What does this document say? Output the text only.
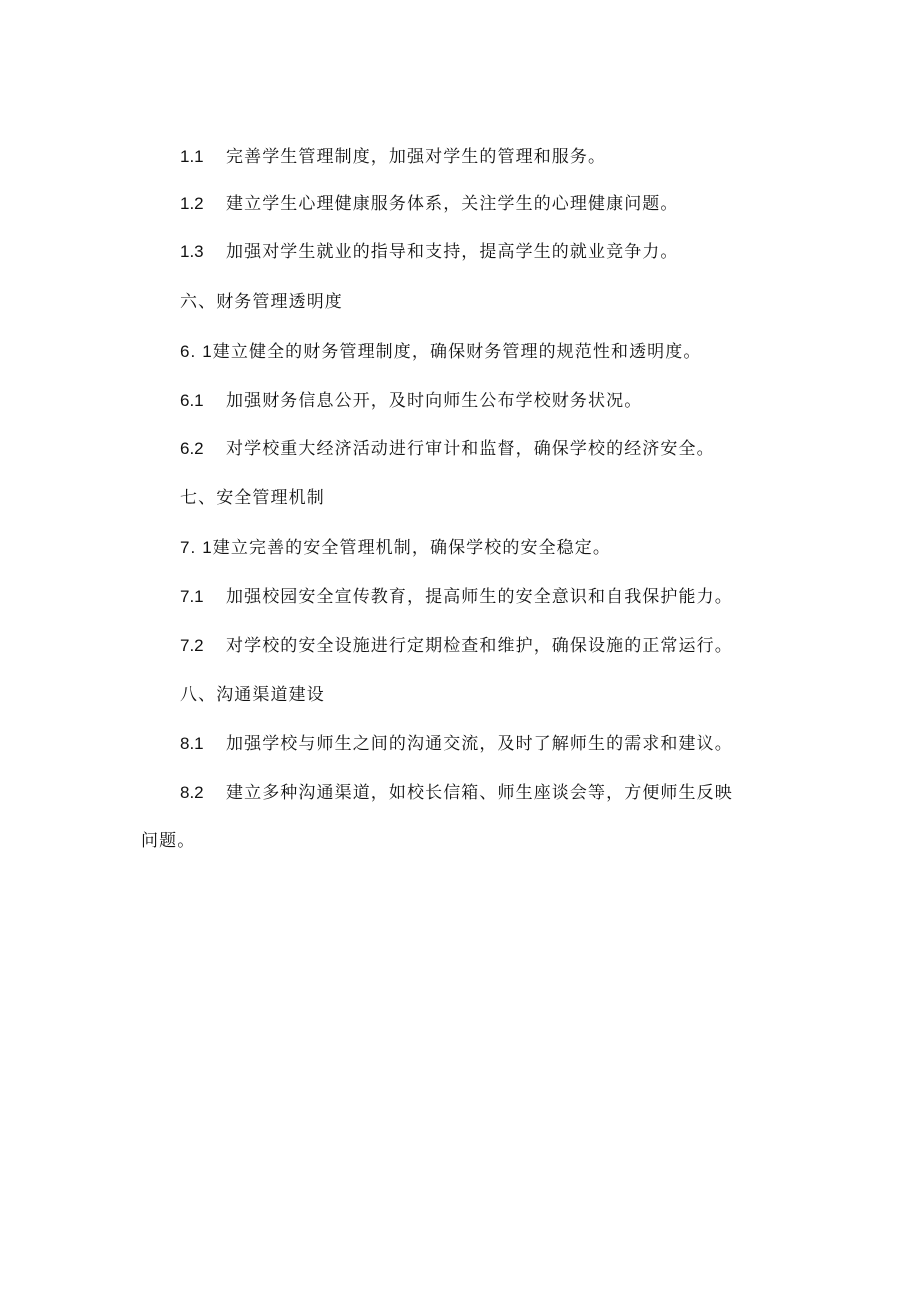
1.1 完善学生管理制度，加强对学生的管理和服务。
1.2 建立学生心理健康服务体系，关注学生的心理健康问题。
1.3 加强对学生就业的指导和支持，提高学生的就业竞争力。
六、财务管理透明度
6. 1建立健全的财务管理制度，确保财务管理的规范性和透明度。
6.1 加强财务信息公开，及时向师生公布学校财务状况。
6.2 对学校重大经济活动进行审计和监督，确保学校的经济安全。
七、安全管理机制
7. 1建立完善的安全管理机制，确保学校的安全稳定。
7.1 加强校园安全宣传教育，提高师生的安全意识和自我保护能力。
7.2 对学校的安全设施进行定期检查和维护，确保设施的正常运行。
八、沟通渠道建设
8.1 加强学校与师生之间的沟通交流，及时了解师生的需求和建议。
8.2 建立多种沟通渠道，如校长信箱、师生座谈会等，方便师生反映
问题。
